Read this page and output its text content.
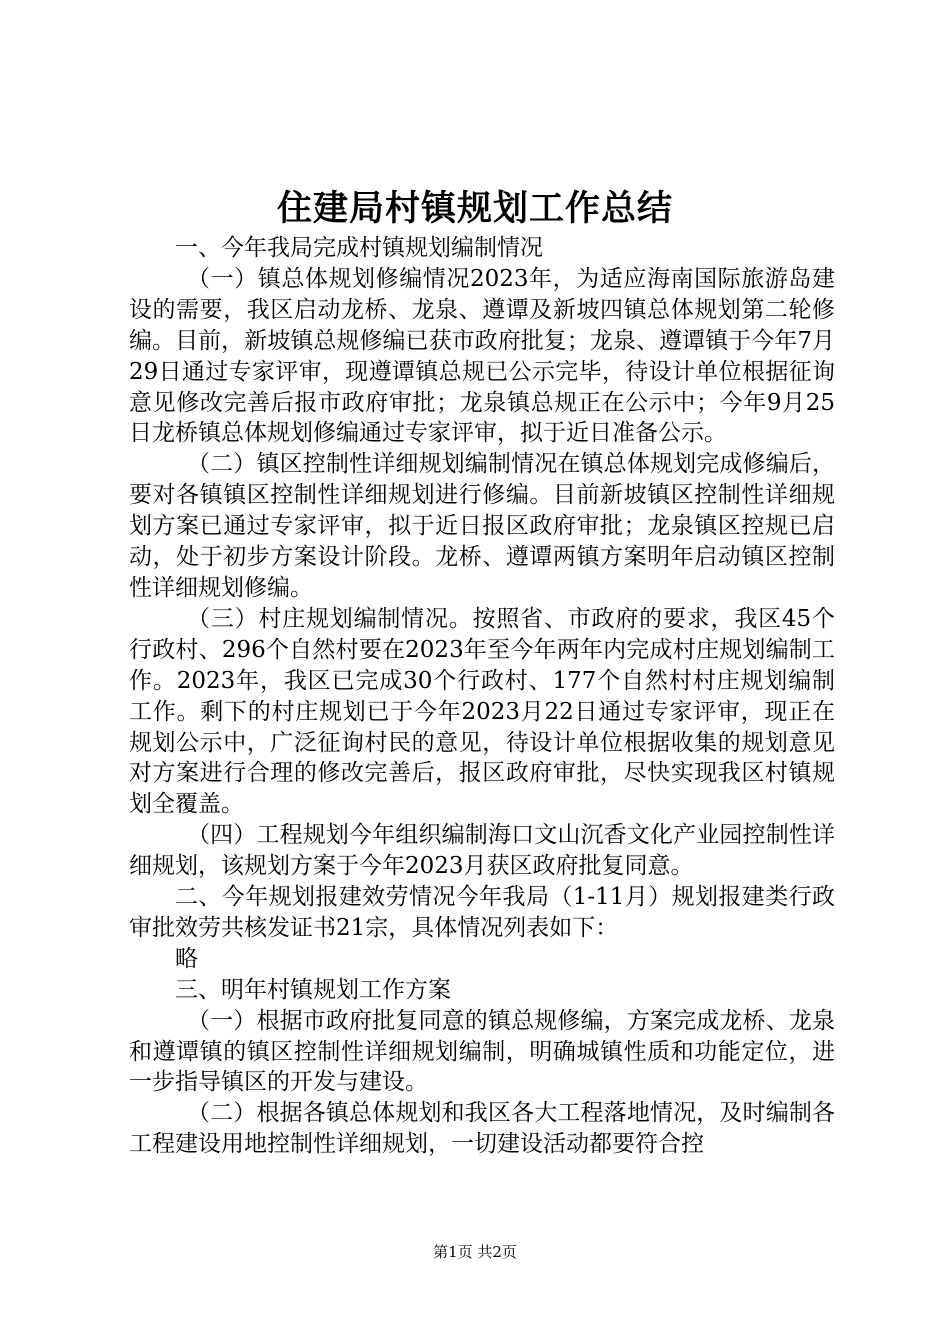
住建局村镇规划工作总结

一、今年我局完成村镇规划编制情况

（一）镇总体规划修编情况2023年，为适应海南国际旅游岛建设的需要，我区启动龙桥、龙泉、遵谭及新坡四镇总体规划第二轮修编。目前，新坡镇总规修编已获市政府批复；龙泉、遵谭镇于今年7月29日通过专家评审，现遵谭镇总规已公示完毕，待设计单位根据征询意见修改完善后报市政府审批；龙泉镇总规正在公示中；今年9月25日龙桥镇总体规划修编通过专家评审，拟于近日准备公示。

（二）镇区控制性详细规划编制情况在镇总体规划完成修编后，要对各镇镇区控制性详细规划进行修编。目前新坡镇区控制性详细规划方案已通过专家评审，拟于近日报区政府审批；龙泉镇区控规已启动，处于初步方案设计阶段。龙桥、遵谭两镇方案明年启动镇区控制性详细规划修编。

（三）村庄规划编制情况。按照省、市政府的要求，我区45个行政村、296个自然村要在2023年至今年两年内完成村庄规划编制工作。2023年，我区已完成30个行政村、177个自然村村庄规划编制工作。剩下的村庄规划已于今年2023月22日通过专家评审，现正在规划公示中，广泛征询村民的意见，待设计单位根据收集的规划意见对方案进行合理的修改完善后，报区政府审批，尽快实现我区村镇规划全覆盖。

（四）工程规划今年组织编制海口文山沉香文化产业园控制性详细规划，该规划方案于今年2023月获区政府批复同意。

二、今年规划报建效劳情况今年我局（1-11月）规划报建类行政审批效劳共核发证书21宗，具体情况列表如下：

略

三、明年村镇规划工作方案

（一）根据市政府批复同意的镇总规修编，方案完成龙桥、龙泉和遵谭镇的镇区控制性详细规划编制，明确城镇性质和功能定位，进一步指导镇区的开发与建设。

（二）根据各镇总体规划和我区各大工程落地情况，及时编制各工程建设用地控制性详细规划，一切建设活动都要符合控

第1页 共2页
